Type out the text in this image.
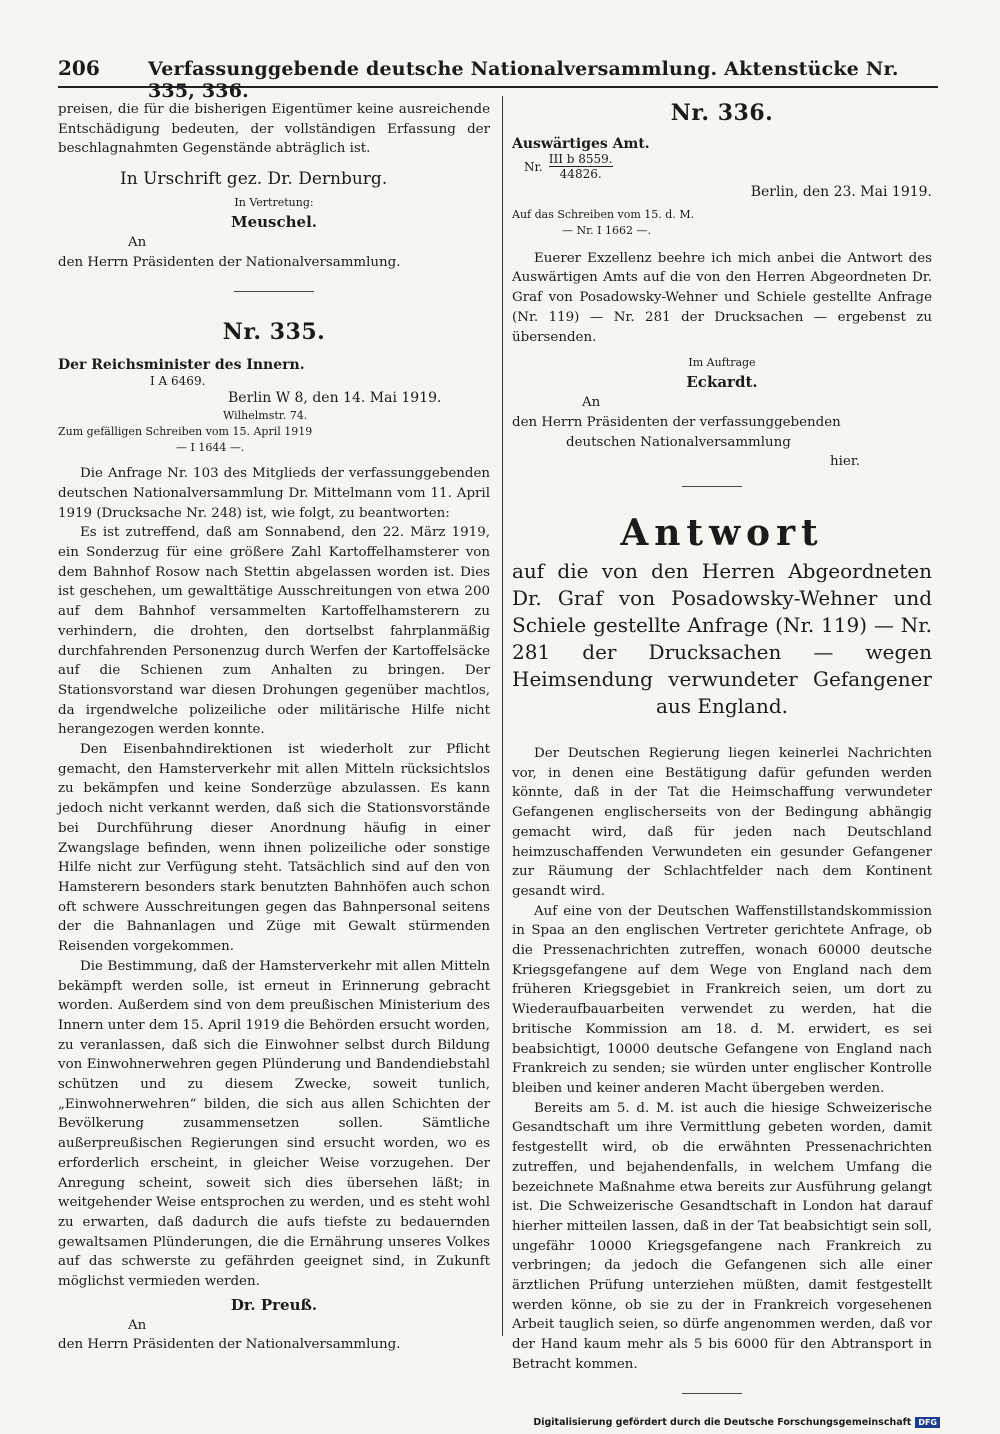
206	Verfassunggebende deutsche Nationalversammlung. Aktenstücke Nr. 335, 336.

preisen, die für die bisherigen Eigentümer keine ausreichende Entschädigung bedeuten, der vollständigen Erfassung der beschlagnahmten Gegenstände abträglich ist.

In Urschrift gez. Dr. Dernburg.
In Vertretung:
Meuschel.
An
den Herrn Präsidenten der Nationalversammlung.
Nr. 335.
Der Reichsminister des Innern.
I A 6469.
Berlin W 8, den 14. Mai 1919.
Wilhelmstr. 74.
Zum gefälligen Schreiben vom 15. April 1919
— I 1644 —.

Die Anfrage Nr. 103 des Mitglieds der verfassunggebenden deutschen Nationalversammlung Dr. Mittelmann vom 11. April 1919 (Drucksache Nr. 248) ist, wie folgt, zu beantworten:

Es ist zutreffend, daß am Sonnabend, den 22. März 1919, ein Sonderzug für eine größere Zahl Kartoffelhamsterer von dem Bahnhof Rosow nach Stettin abgelassen worden ist. Dies ist geschehen, um gewalttätige Ausschreitungen von etwa 200 auf dem Bahnhof versammelten Kartoffelhamsterern zu verhindern, die drohten, den dortselbst fahrplanmäßig durchfahrenden Personenzug durch Werfen der Kartoffelsäcke auf die Schienen zum Anhalten zu bringen. Der Stationsvorstand war diesen Drohungen gegenüber machtlos, da irgendwelche polizeiliche oder militärische Hilfe nicht herangezogen werden konnte.

Den Eisenbahndirektionen ist wiederholt zur Pflicht gemacht, den Hamsterverkehr mit allen Mitteln rücksichtslos zu bekämpfen und keine Sonderzüge abzulassen. Es kann jedoch nicht verkannt werden, daß sich die Stationsvorstände bei Durchführung dieser Anordnung häufig in einer Zwangslage befinden, wenn ihnen polizeiliche oder sonstige Hilfe nicht zur Verfügung steht. Tatsächlich sind auf den von Hamsterern besonders stark benutzten Bahnhöfen auch schon oft schwere Ausschreitungen gegen das Bahnpersonal seitens der die Bahnanlagen und Züge mit Gewalt stürmenden Reisenden vorgekommen.

Die Bestimmung, daß der Hamsterverkehr mit allen Mitteln bekämpft werden solle, ist erneut in Erinnerung gebracht worden. Außerdem sind von dem preußischen Ministerium des Innern unter dem 15. April 1919 die Behörden ersucht worden, zu veranlassen, daß sich die Einwohner selbst durch Bildung von Einwohnerwehren gegen Plünderung und Bandendiebstahl schützen und zu diesem Zwecke, soweit tunlich, „Einwohnerwehren“ bilden, die sich aus allen Schichten der Bevölkerung zusammensetzen sollen. Sämtliche außerpreußischen Regierungen sind ersucht worden, wo es erforderlich erscheint, in gleicher Weise vorzugehen. Der Anregung scheint, soweit sich dies übersehen läßt; in weitgehender Weise entsprochen zu werden, und es steht wohl zu erwarten, daß dadurch die aufs tiefste zu bedauernden gewaltsamen Plünderungen, die die Ernährung unseres Volkes auf das schwerste zu gefährden geeignet sind, in Zukunft möglichst vermieden werden.

Dr. Preuß.
An
den Herrn Präsidenten der Nationalversammlung.
Nr. 336.
Auswärtiges Amt.
Nr.
III b 8559.
44826.
Berlin, den 23. Mai 1919.
Auf das Schreiben vom 15. d. M.
— Nr. I 1662 —.

Euerer Exzellenz beehre ich mich anbei die Antwort des Auswärtigen Amts auf die von den Herren Abgeordneten Dr. Graf von Posadowsky-Wehner und Schiele gestellte Anfrage (Nr. 119) — Nr. 281 der Drucksachen — ergebenst zu übersenden.

Im Auftrage
Eckardt.
An
den Herrn Präsidenten der verfassunggebenden
deutschen Nationalversammlung
hier.
Antwort

auf die von den Herren Abgeordneten Dr. Graf von Posadowsky-Wehner und Schiele gestellte Anfrage (Nr. 119) — Nr. 281 der Drucksachen — wegen Heimsendung verwundeter Gefangener aus England.

Der Deutschen Regierung liegen keinerlei Nachrichten vor, in denen eine Bestätigung dafür gefunden werden könnte, daß in der Tat die Heimschaffung verwundeter Gefangenen englischerseits von der Bedingung abhängig gemacht wird, daß für jeden nach Deutschland heimzuschaffenden Verwundeten ein gesunder Gefangener zur Räumung der Schlachtfelder nach dem Kontinent gesandt wird.

Auf eine von der Deutschen Waffenstillstandskommission in Spaa an den englischen Vertreter gerichtete Anfrage, ob die Pressenachrichten zutreffen, wonach 60000 deutsche Kriegsgefangene auf dem Wege von England nach dem früheren Kriegsgebiet in Frankreich seien, um dort zu Wiederaufbauarbeiten verwendet zu werden, hat die britische Kommission am 18. d. M. erwidert, es sei beabsichtigt, 10000 deutsche Gefangene von England nach Frankreich zu senden; sie würden unter englischer Kontrolle bleiben und keiner anderen Macht übergeben werden.

Bereits am 5. d. M. ist auch die hiesige Schweizerische Gesandtschaft um ihre Vermittlung gebeten worden, damit festgestellt wird, ob die erwähnten Pressenachrichten zutreffen, und bejahendenfalls, in welchem Umfang die bezeichnete Maßnahme etwa bereits zur Ausführung gelangt ist. Die Schweizerische Gesandtschaft in London hat darauf hierher mitteilen lassen, daß in der Tat beabsichtigt sein soll, ungefähr 10000 Kriegsgefangene nach Frankreich zu verbringen; da jedoch die Gefangenen sich alle einer ärztlichen Prüfung unterziehen müßten, damit festgestellt werden könne, ob sie zu der in Frankreich vorgesehenen Arbeit tauglich seien, so dürfe angenommen werden, daß vor der Hand kaum mehr als 5 bis 6000 für den Abtransport in Betracht kommen.

Digitalisierung gefördert durch die Deutsche Forschungsgemeinschaft DFG
